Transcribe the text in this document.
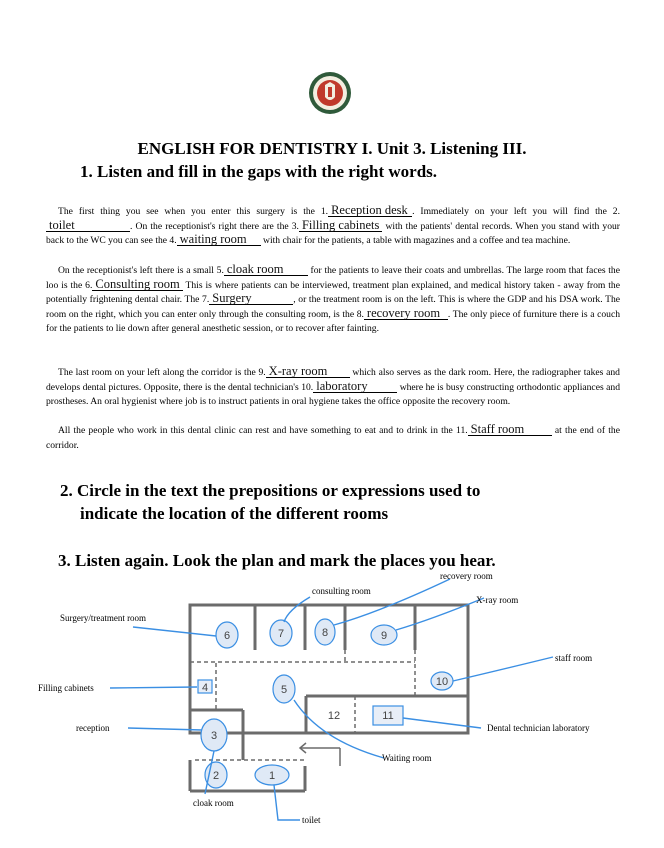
ENGLISH FOR DENTISTRY I. Unit 3. Listening III.
1. Listen and fill in the gaps with the right words.
The first thing you see when you enter this surgery is the 1. Reception desk . Immediately on your left you will find the 2.toilet	. On the receptionist's right there are the 3. Filling cabinets with the patients' dental records. When you stand with your back to the WC you can see the 4. waiting room with chair for the patients, a table with magazines and a coffee and tea machine.
On the receptionist's left there is a small 5. cloak room	for the patients to leave their coats and umbrellas. The large room that faces the loo is the 6. Consulting room This is where patients can be interviewed, treatment plan explained, and medical history taken - away from the potentially frightening dental chair. The 7. Surgery	, or the treatment room is on the left. This is where the GDP and his DSA work. The room on the right, which you can enter only through the consulting room, is the 8. recovery room . The only piece of furniture there is a couch for the patients to lie down after general anesthetic session, or to recover after fainting.
The last room on your left along the corridor is the 9. X-ray room which also serves as the dark room. Here, the radiographer takes and develops dental pictures. Opposite, there is the dental technician's 10. laboratory	where he is busy constructing orthodontic appliances and prostheses. An oral hygienist where job is to instruct patients in oral hygiene takes the office opposite the recovery room.
All the people who work in this dental clinic can rest and have something to eat and to drink in the 11. Staff room	at the end of the corridor.
2. Circle in the text the prepositions or expressions used to
indicate the location of the different rooms
3. Listen again. Look the plan and mark the places you hear.
6	7	8	9
10
5
3
2	1
4
12	11
consulting room
recovery room
X-ray room
Surgery/treatment room
staff room
Filling cabinets
reception	Dental technician laboratory
Waiting room
cloak room
toilet
